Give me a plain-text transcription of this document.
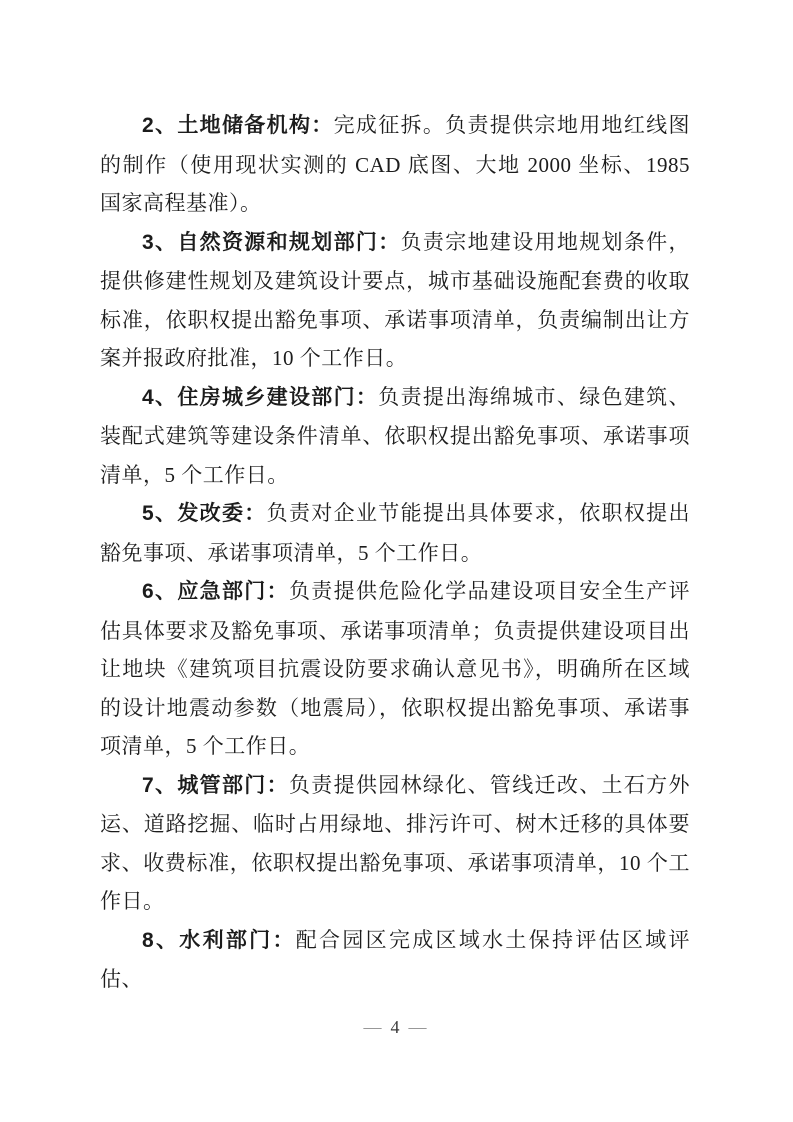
2、土地储备机构：完成征拆。负责提供宗地用地红线图的制作（使用现状实测的 CAD 底图、大地 2000 坐标、1985 国家高程基准）。

3、自然资源和规划部门：负责宗地建设用地规划条件，提供修建性规划及建筑设计要点，城市基础设施配套费的收取标准，依职权提出豁免事项、承诺事项清单，负责编制出让方案并报政府批准，10 个工作日。

4、住房城乡建设部门：负责提出海绵城市、绿色建筑、装配式建筑等建设条件清单、依职权提出豁免事项、承诺事项清单，5 个工作日。

5、发改委：负责对企业节能提出具体要求，依职权提出豁免事项、承诺事项清单，5 个工作日。

6、应急部门：负责提供危险化学品建设项目安全生产评估具体要求及豁免事项、承诺事项清单；负责提供建设项目出让地块《建筑项目抗震设防要求确认意见书》，明确所在区域的设计地震动参数（地震局），依职权提出豁免事项、承诺事项清单，5 个工作日。

7、城管部门：负责提供园林绿化、管线迁改、土石方外运、道路挖掘、临时占用绿地、排污许可、树木迁移的具体要求、收费标准，依职权提出豁免事项、承诺事项清单，10 个工作日。

8、水利部门：配合园区完成区域水土保持评估区域评估、

— 4 —
